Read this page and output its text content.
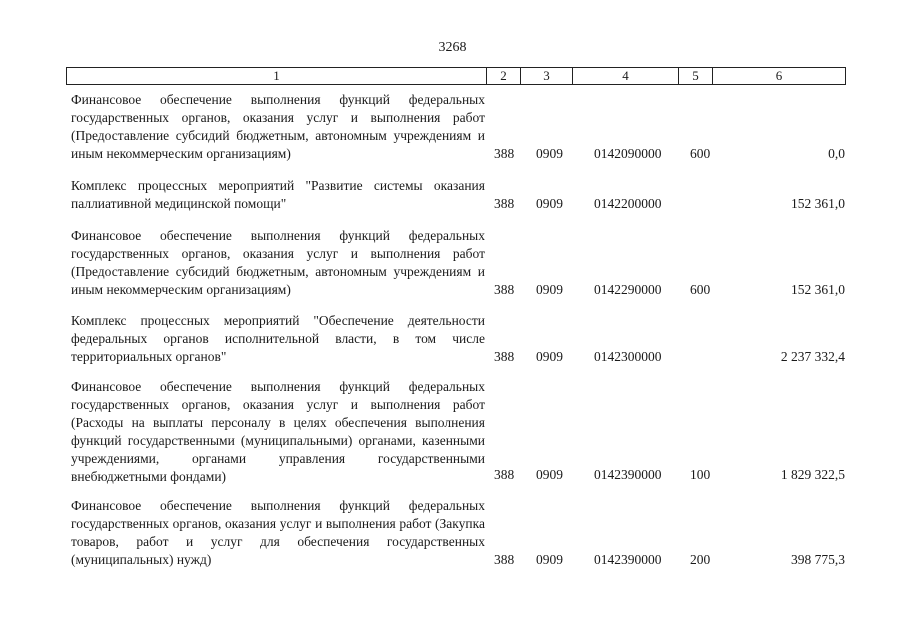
3268
1	2	3	4	5	6
Финансовое обеспечение выполнения функций федеральных государственных органов, оказания услуг и выполнения работ (Предоставление субсидий бюджетным, автономным учреждениям и иным некоммерческим организациям)	388 0909 0142090000 600	0,0
Комплекс процессных мероприятий "Развитие системы оказания паллиативной медицинской помощи"	388 0909 0142200000	152 361,0
Финансовое обеспечение выполнения функций федеральных государственных органов, оказания услуг и выполнения работ (Предоставление субсидий бюджетным, автономным учреждениям и иным некоммерческим организациям)	388 0909 0142290000 600	152 361,0
Комплекс процессных мероприятий "Обеспечение деятельности федеральных органов исполнительной власти, в том числе территориальных органов"	388 0909 0142300000	2 237 332,4
Финансовое обеспечение выполнения функций федеральных государственных органов, оказания услуг и выполнения работ (Расходы на выплаты персоналу в целях обеспечения выполнения функций государственными (муниципальными) органами, казенными учреждениями, органами управления государственными внебюджетными фондами)	388 0909 0142390000 100	1 829 322,5
Финансовое обеспечение выполнения функций федеральных государственных органов, оказания услуг и выполнения работ (Закупка товаров, работ и услуг для обеспечения государственных (муниципальных) нужд)	388 0909 0142390000 200	398 775,3
